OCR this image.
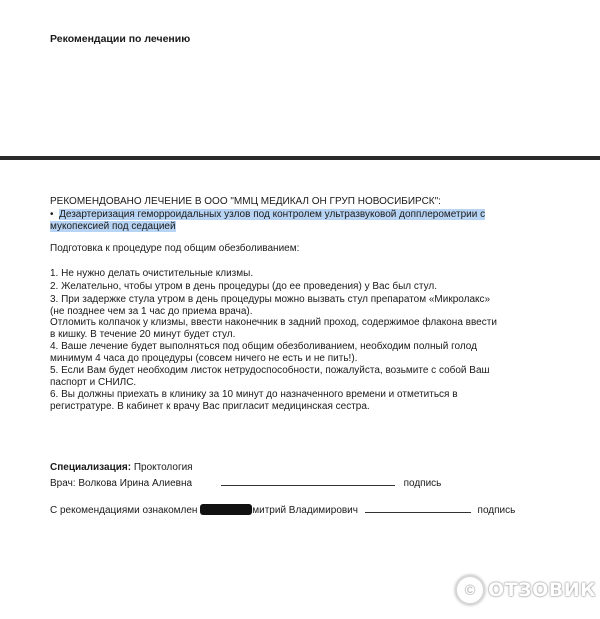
Рекомендации по лечению
РЕКОМЕНДОВАНО ЛЕЧЕНИЕ В ООО "ММЦ МЕДИКАЛ ОН ГРУП НОВОСИБИРСК":
• Дезартеризация геморроидальных узлов под контролем ультразвуковой допплерометрии с
мукопексией под седацией
Подготовка к процедуре под общим обезболиванием:
1. Не нужно делать очистительные клизмы.
2. Желательно, чтобы утром в день процедуры (до ее проведения) у Вас был стул.
3. При задержке стула утром в день процедуры можно вызвать стул препаратом «Микролакс»
(не позднее чем за 1 час до приема врача).
Отломить колпачок у клизмы, ввести наконечник в задний проход, содержимое флакона ввести
в кишку. В течение 20 минут будет стул.
4. Ваше лечение будет выполняться под общим обезболиванием, необходим полный голод
минимум 4 часа до процедуры (совсем ничего не есть и не пить!).
5. Если Вам будет необходим листок нетрудоспособности, пожалуйста, возьмите с собой Ваш
паспорт и СНИЛС.
6. Вы должны приехать в клинику за 10 минут до назначенного времени и отметиться в
регистратуре. В кабинет к врачу Вас пригласит медицинская сестра.
Специализация: Проктология
Врач: Волкова Ирина Алиевна	подпись
С рекомендациями ознакомлен	митрий Владимирович	подпись
© ОТЗОВИК
